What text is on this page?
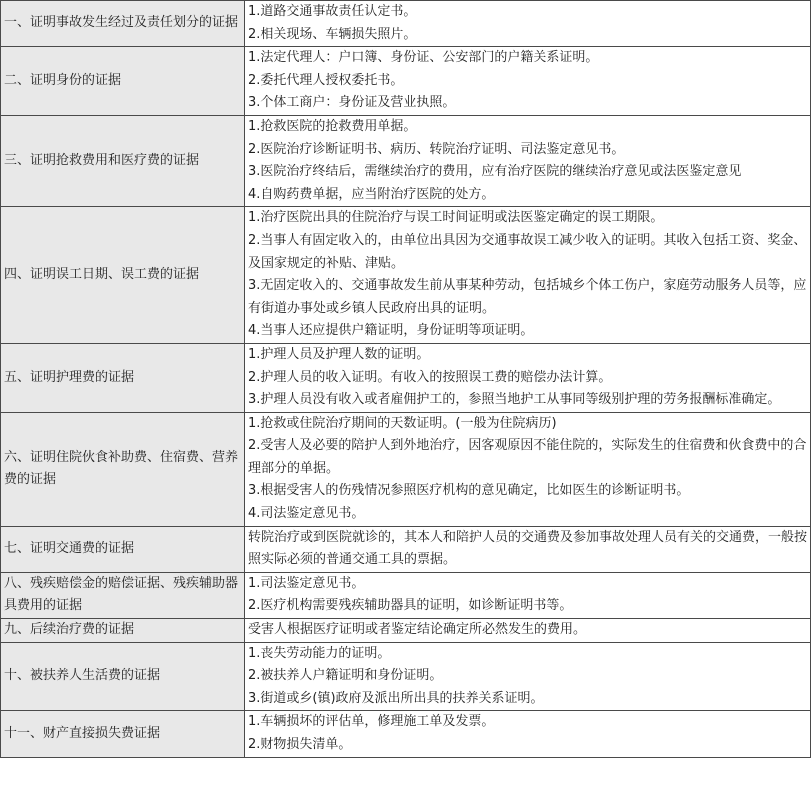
一、证明事故发生经过及责任划分的证据	1.道路交通事故责任认定书。
2.相关现场、车辆损失照片。

二、证明身份的证据	1.法定代理人：户口簿、身份证、公安部门的户籍关系证明。
2.委托代理人授权委托书。
3.个体工商户：身份证及营业执照。

三、证明抢救费用和医疗费的证据	1.抢救医院的抢救费用单据。
2.医院治疗诊断证明书、病历、转院治疗证明、司法鉴定意见书。
3.医院治疗终结后，需继续治疗的费用，应有治疗医院的继续治疗意见或法医鉴定意见
4.自购药费单据，应当附治疗医院的处方。

四、证明误工日期、误工费的证据	1.治疗医院出具的住院治疗与误工时间证明或法医鉴定确定的误工期限。
2.当事人有固定收入的，由单位出具因为交通事故误工减少收入的证明。其收入包括工资、奖金、及国家规定的补贴、津贴。
3.无固定收入的、交通事故发生前从事某种劳动，包括城乡个体工伤户，家庭劳动服务人员等，应有街道办事处或乡镇人民政府出具的证明。
4.当事人还应提供户籍证明，身份证明等项证明。

五、证明护理费的证据	1.护理人员及护理人数的证明。
2.护理人员的收入证明。有收入的按照误工费的赔偿办法计算。
3.护理人员没有收入或者雇佣护工的，参照当地护工从事同等级别护理的劳务报酬标准确定。

六、证明住院伙食补助费、住宿费、营养费的证据	1.抢救或住院治疗期间的天数证明。(一般为住院病历)
2.受害人及必要的陪护人到外地治疗，因客观原因不能住院的，实际发生的住宿费和伙食费中的合理部分的单据。
3.根据受害人的伤残情况参照医疗机构的意见确定，比如医生的诊断证明书。
4.司法鉴定意见书。

七、证明交通费的证据	转院治疗或到医院就诊的，其本人和陪护人员的交通费及参加事故处理人员有关的交通费，一般按照实际必须的普通交通工具的票据。

八、残疾赔偿金的赔偿证据、残疾辅助器具费用的证据	1.司法鉴定意见书。
2.医疗机构需要残疾辅助器具的证明，如诊断证明书等。

九、后续治疗费的证据	受害人根据医疗证明或者鉴定结论确定所必然发生的费用。

十、被扶养人生活费的证据	1.丧失劳动能力的证明。
2.被扶养人户籍证明和身份证明。
3.街道或乡(镇)政府及派出所出具的扶养关系证明。

十一、财产直接损失费证据	1.车辆损坏的评估单，修理施工单及发票。
2.财物损失清单。
